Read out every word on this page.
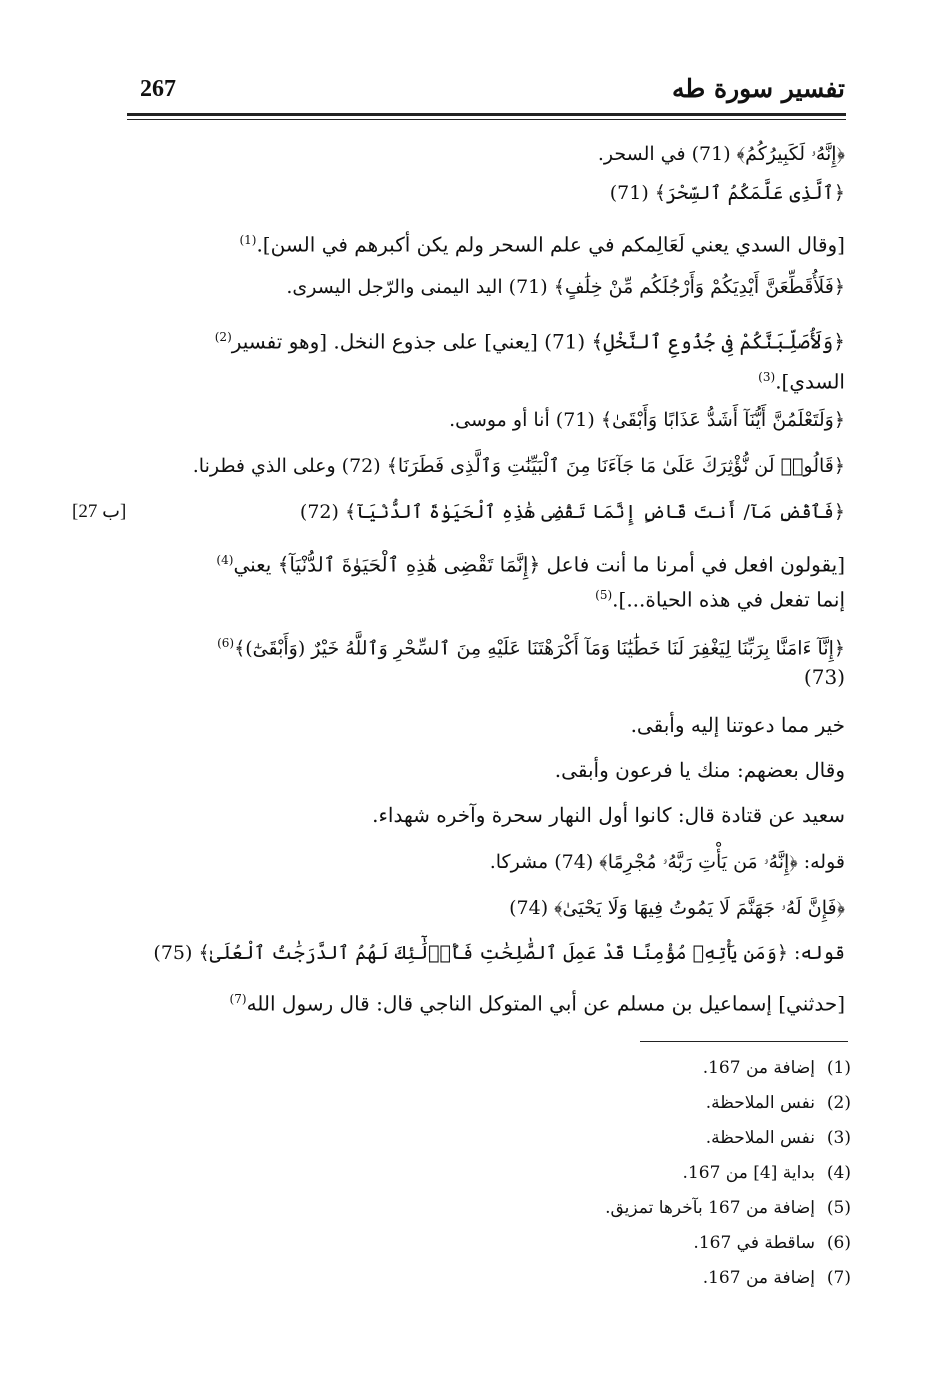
تفسير سورة طه
267
﴿إِنَّهُۥ لَكَبِيرُكُمُ﴾ (71) في السحر.
﴿ٱلَّذِى عَلَّمَكُمُ ٱلسِّحْرَ﴾ (71)
[وقال السدي يعني لَعَالِمكم في علم السحر ولم يكن أكبرهم في السن].$^{(1)}$
﴿فَلَأُقَطِّعَنَّ أَيْدِيَكُمْ وَأَرْجُلَكُم مِّنْ خِلَٰفٍ﴾ (71) اليد اليمنى والرّجل اليسرى.
﴿وَلَأُصَلِّبَنَّكُمْ فِى جُذُوعِ ٱلنَّخْلِ﴾ (71) [يعني] على جذوع النخل. [وهو تفسير$^{(2)}$
السدي].$^{(3)}$
﴿وَلَتَعْلَمُنَّ أَيُّنَآ أَشَدُّ عَذَابًا وَأَبْقَىٰ﴾ (71) أنا أو موسى.
﴿قَالُوا۟ لَن نُّؤْثِرَكَ عَلَىٰ مَا جَآءَنَا مِنَ ٱلْبَيِّنَٰتِ وَٱلَّذِى فَطَرَنَا﴾ (72) وعلى الذي فطرنا.
﴿فَٱقْضِ مَآ/ أَنتَ قَاضٍ إِنَّمَا تَقْضِى هَٰذِهِ ٱلْحَيَوٰةَ ٱلدُّنْيَآ﴾ (72)
[يقولون افعل في أمرنا ما أنت فاعل ﴿إِنَّمَا تَقْضِى هَٰذِهِ ٱلْحَيَوٰةَ ٱلدُّنْيَآ﴾ يعني$^{(4)}$
إنما تفعل في هذه الحياة...].$^{(5)}$
﴿إِنَّآ ءَامَنَّا بِرَبِّنَا لِيَغْفِرَ لَنَا خَطَٰيَٰنَا وَمَآ أَكْرَهْتَنَا عَلَيْهِ مِنَ ٱلسِّحْرِ وَٱللَّهُ خَيْرٌ (وَأَبْقَىٰٓ)﴾$^{(6)}$
(73)
خير مما دعوتنا إليه وأبقى.
وقال بعضهم: منك يا فرعون وأبقى.
سعيد عن قتادة قال: كانوا أول النهار سحرة وآخره شهداء.
قوله: ﴿إِنَّهُۥ مَن يَأْتِ رَبَّهُۥ مُجْرِمًا﴾ (74) مشركا.
﴿فَإِنَّ لَهُۥ جَهَنَّمَ لَا يَمُوتُ فِيهَا وَلَا يَحْيَىٰ﴾ (74)
قوله: ﴿وَمَن يَأْتِهِۦ مُؤْمِنًا قَدْ عَمِلَ ٱلصَّٰلِحَٰتِ فَأُو۟لَٰٓئِكَ لَهُمُ ٱلدَّرَجَٰتُ ٱلْعُلَىٰ﴾ (75)
[حدثني] إسماعيل بن مسلم عن أبي المتوكل الناجي قال: قال رسول الله$^{(7)}$
[27 ب]
(1)إضافة من 167.
(2)نفس الملاحظة.
(3)نفس الملاحظة.
(4)بداية [4] من 167.
(5)إضافة من 167 بآخرها تمزيق.
(6)ساقطة في 167.
(7)إضافة من 167.
